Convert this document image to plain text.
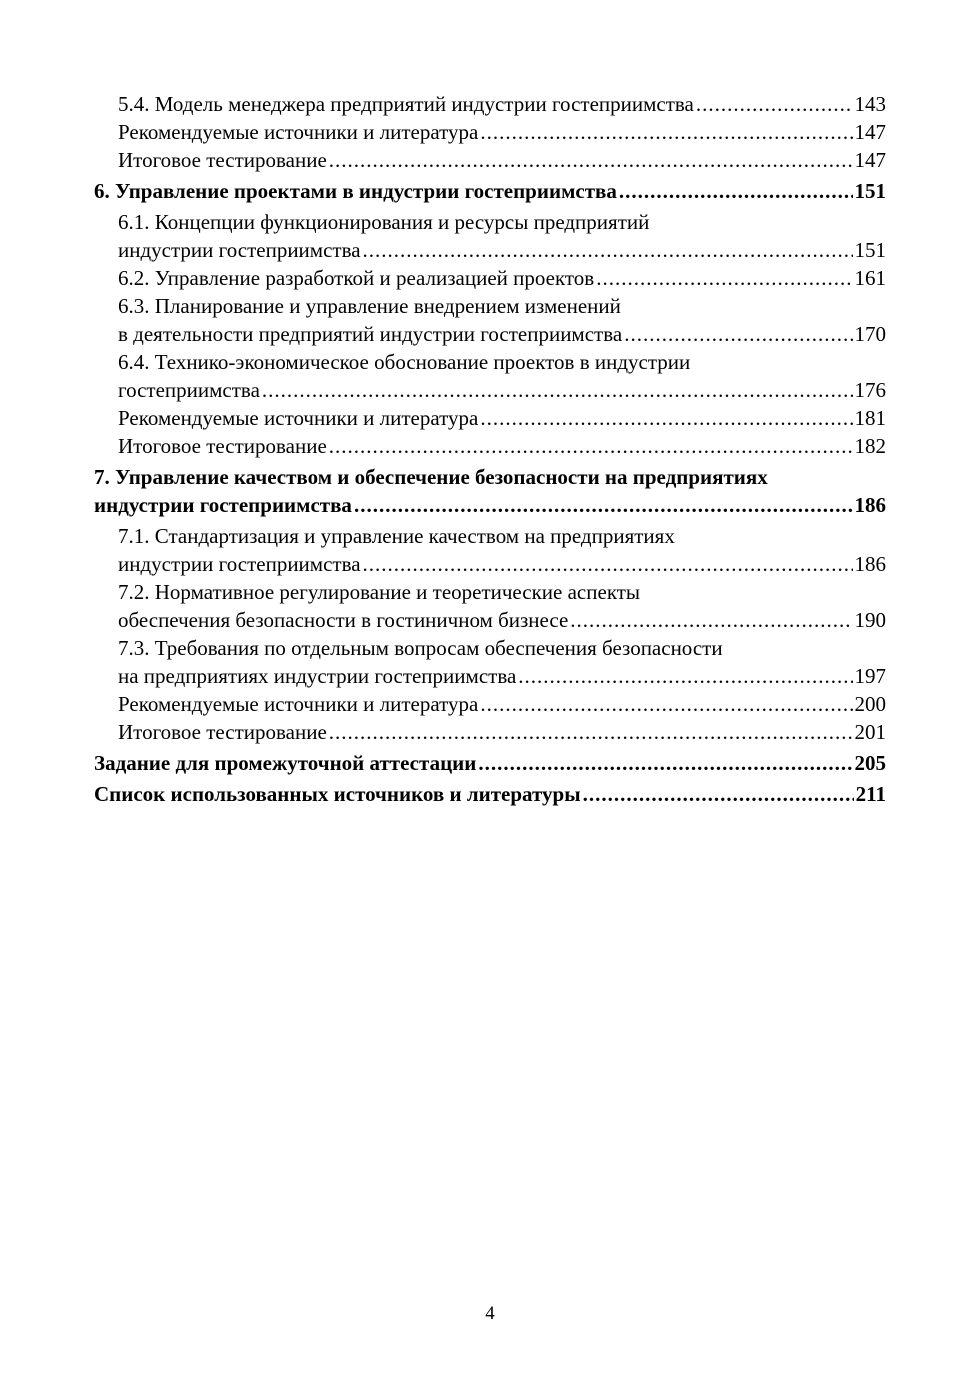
5.4. Модель менеджера предприятий индустрии гостеприимства .....	143
Рекомендуемые источники и литература .....	147
Итоговое тестирование .....	147
6. Управление проектами в индустрии гостеприимства .....	151
6.1. Концепции функционирования и ресурсы предприятий
индустрии гостеприимства .....	151
6.2. Управление разработкой и реализацией проектов .....	161
6.3. Планирование и управление внедрением изменений
в деятельности предприятий индустрии гостеприимства .....	170
6.4. Технико-экономическое обоснование проектов в индустрии
гостеприимства .....	176
Рекомендуемые источники и литература .....	181
Итоговое тестирование .....	182
7. Управление качеством и обеспечение безопасности на предприятиях
индустрии гостеприимства .....	186
7.1. Стандартизация и управление качеством на предприятиях
индустрии гостеприимства .....	186
7.2. Нормативное регулирование и теоретические аспекты
обеспечения безопасности в гостиничном бизнесе .....	190
7.3. Требования по отдельным вопросам обеспечения безопасности
на предприятиях индустрии гостеприимства .....	197
Рекомендуемые источники и литература .....	200
Итоговое тестирование .....	201
Задание для промежуточной аттестации .....	205
Список использованных источников и литературы .....	211
4
